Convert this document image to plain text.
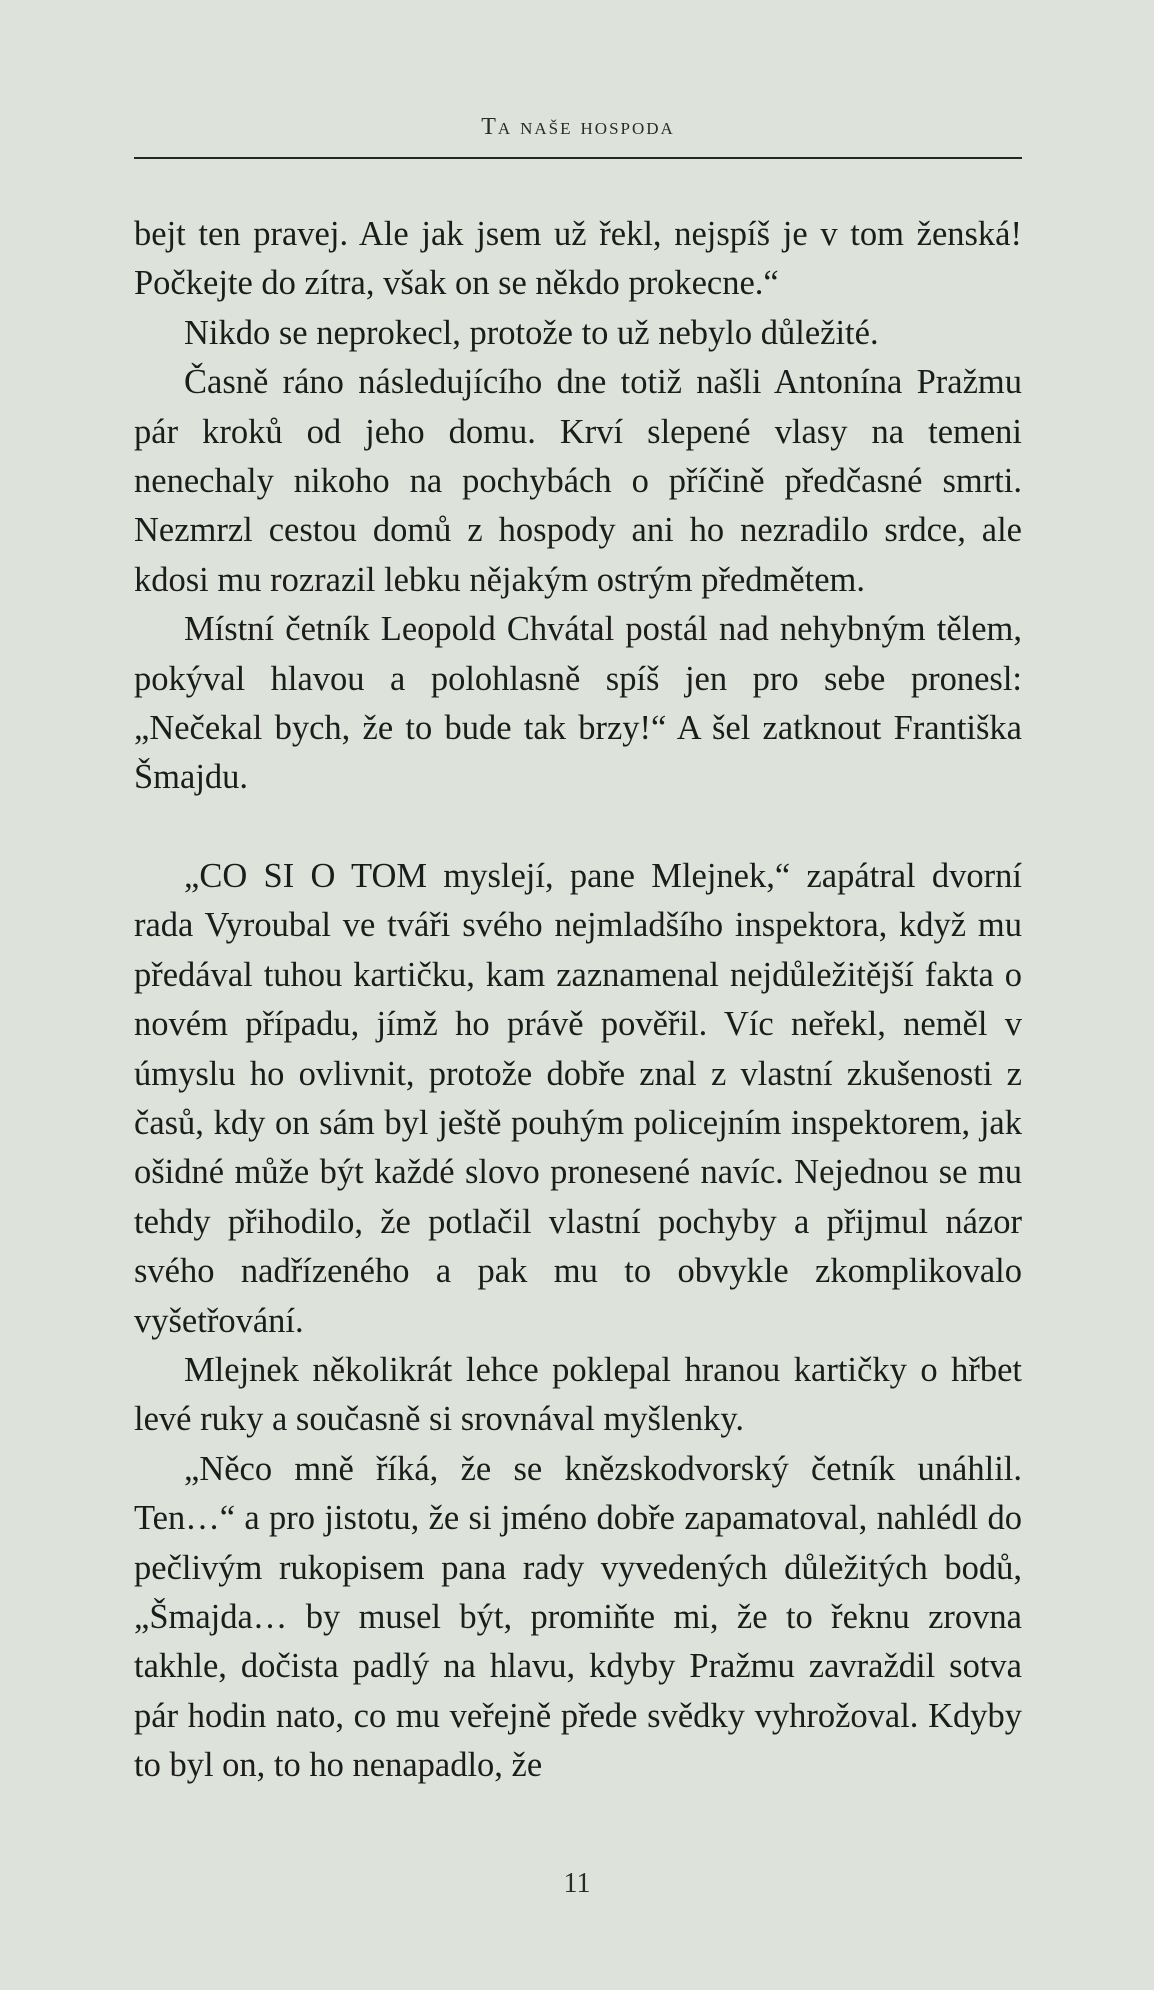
Ta naše hospoda

bejt ten pravej. Ale jak jsem už řekl, nejspíš je v tom ženská! Počkejte do zítra, však on se někdo prokecne.“

Nikdo se neprokecl, protože to už nebylo důležité.

Časně ráno následujícího dne totiž našli Antonína Pražmu pár kroků od jeho domu. Krví slepené vlasy na temeni nenechaly nikoho na pochybách o příčině předčasné smrti. Nezmrzl cestou domů z hospody ani ho nezradilo srdce, ale kdosi mu rozrazil lebku nějakým ostrým předmětem.

Místní četník Leopold Chvátal postál nad nehybným tělem, pokýval hlavou a polohlasně spíš jen pro sebe pronesl: „Nečekal bych, že to bude tak brzy!“ A šel zatknout Františka Šmajdu.

„CO SI O TOM myslejí, pane Mlejnek,“ zapátral dvorní rada Vyroubal ve tváři svého nejmladšího inspektora, když mu předával tuhou kartičku, kam zaznamenal nejdůležitější fakta o novém případu, jímž ho právě pověřil. Víc neřekl, neměl v úmyslu ho ovlivnit, protože dobře znal z vlastní zkušenosti z časů, kdy on sám byl ještě pouhým policejním inspektorem, jak ošidné může být každé slovo pronesené navíc. Nejednou se mu tehdy přihodilo, že potlačil vlastní pochyby a přijmul názor svého nadřízeného a pak mu to obvykle zkomplikovalo vyšetřování.

Mlejnek několikrát lehce poklepal hranou kartičky o hřbet levé ruky a současně si srovnával myšlenky.

„Něco mně říká, že se knězskodvorský četník unáhlil. Ten…“ a pro jistotu, že si jméno dobře zapamatoval, nahlédl do pečlivým rukopisem pana rady vyvedených důležitých bodů, „Šmajda… by musel být, promiňte mi, že to řeknu zrovna takhle, dočista padlý na hlavu, kdyby Pražmu zavraždil sotva pár hodin nato, co mu veřejně přede svědky vyhrožoval. Kdyby to byl on, to ho nenapadlo, že

11
